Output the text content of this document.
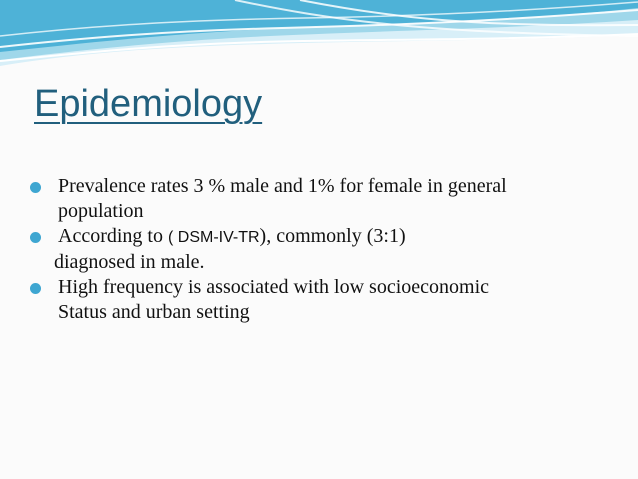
Epidemiology
Prevalence rates 3 % male and 1% for female in general
population
According to ( DSM-IV-TR), commonly (3:1)
diagnosed in male.
High frequency is associated with low socioeconomic
Status and urban setting
